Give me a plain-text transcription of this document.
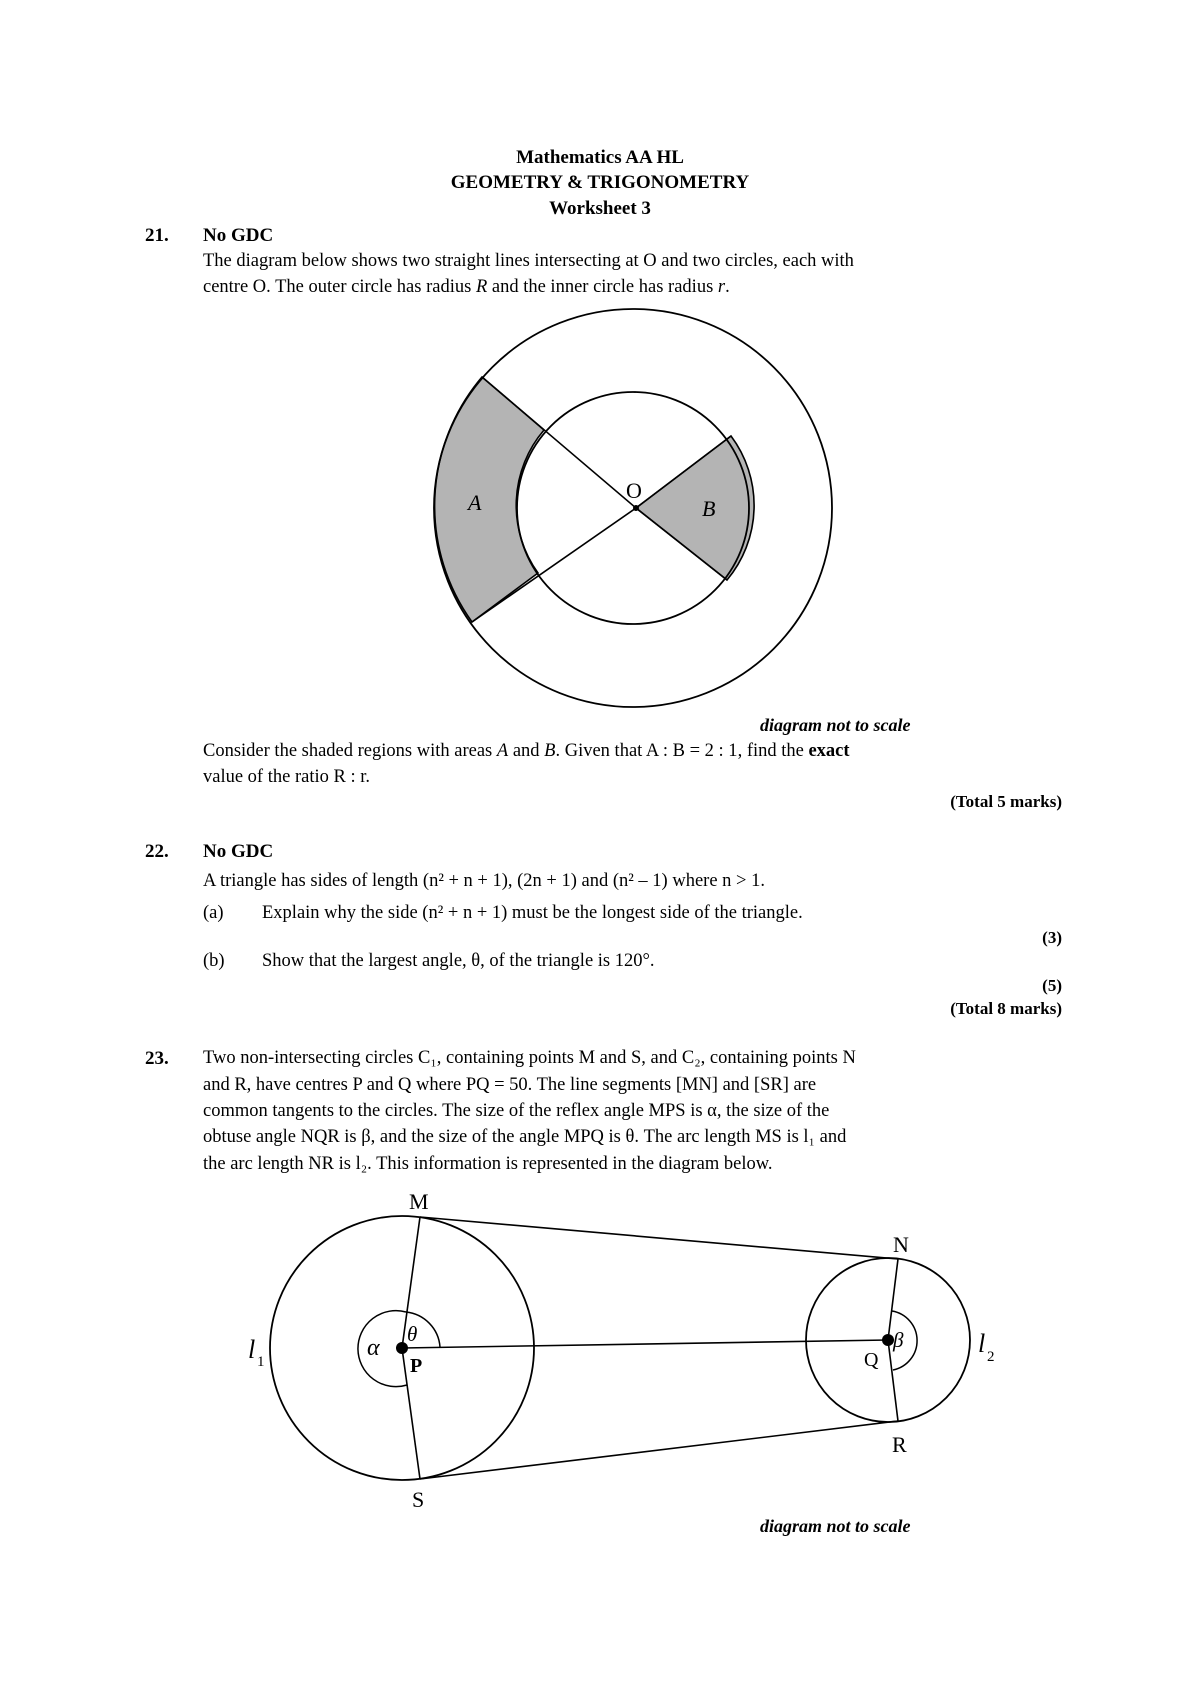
Mathematics AA HL
GEOMETRY & TRIGONOMETRY
Worksheet 3
21. No GDC
The diagram below shows two straight lines intersecting at O and two circles, each with
centre O. The outer circle has radius R and the inner circle has radius r.
O
A	B
M
N
S
R
P	Q
α
θ	β
l 1
l 2
diagram not to scale
Consider the shaded regions with areas A and B. Given that A : B = 2 : 1, find the exact
value of the ratio R : r.
(Total 5 marks)
22. No GDC
A triangle has sides of length (n² + n + 1), (2n + 1) and (n² – 1) where n > 1.
(a) Explain why the side (n² + n + 1) must be the longest side of the triangle.
(3)
(b) Show that the largest angle, θ, of the triangle is 120°.
(5)
(Total 8 marks)
23. Two non-intersecting circles C₁, containing points M and S, and C₂, containing points N
and R, have centres P and Q where PQ = 50. The line segments [MN] and [SR] are
common tangents to the circles. The size of the reflex angle MPS is α, the size of the
obtuse angle NQR is β, and the size of the angle MPQ is θ. The arc length MS is l₁ and
the arc length NR is l₂. This information is represented in the diagram below.
diagram not to scale
